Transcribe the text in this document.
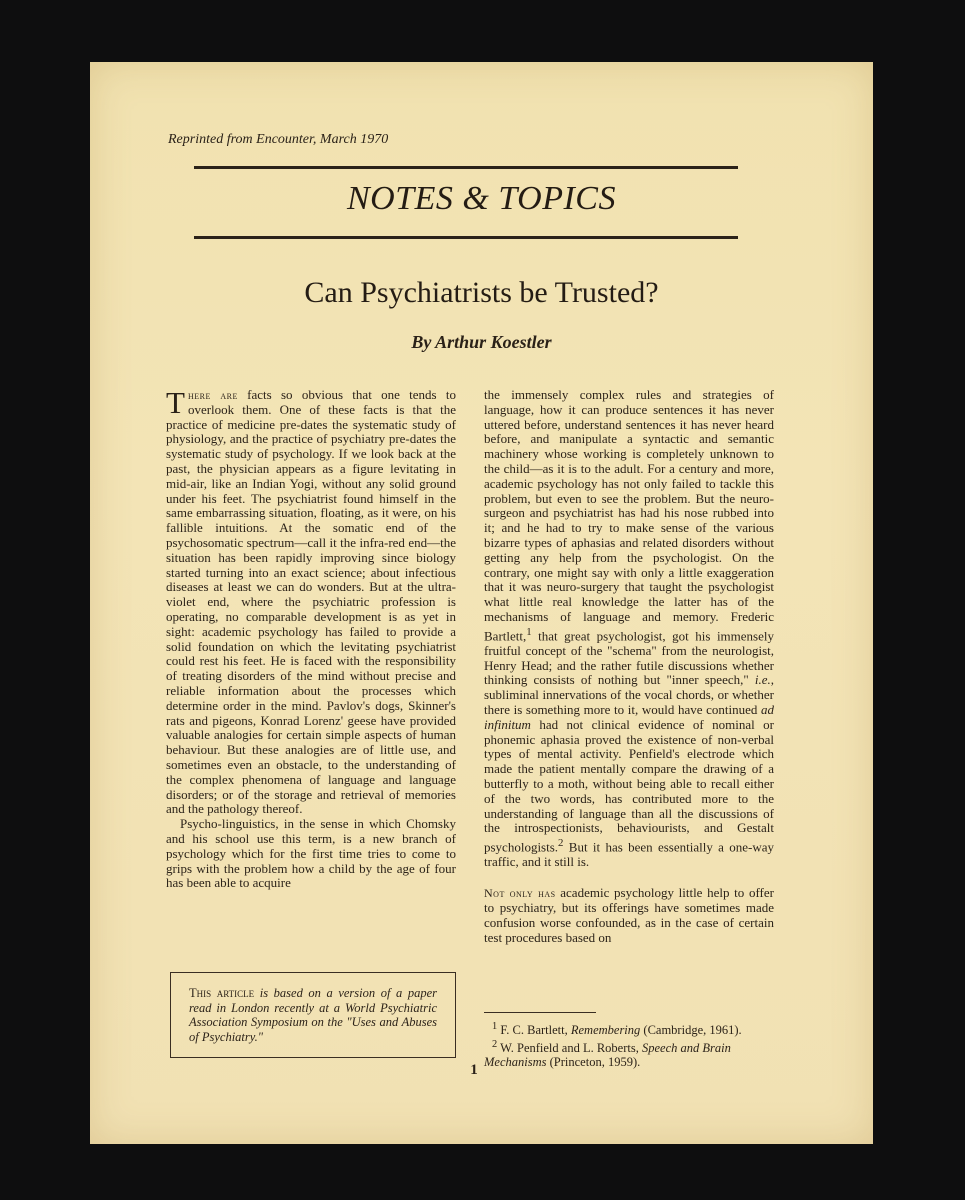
Reprinted from Encounter, March 1970
NOTES & TOPICS
Can Psychiatrists be Trusted?
By Arthur Koestler

There are facts so obvious that one tends to overlook them. One of these facts is that the practice of medicine pre-dates the systematic study of physiology, and the practice of psychiatry pre-dates the systematic study of psychology. If we look back at the past, the physician appears as a figure levitating in mid-air, like an Indian Yogi, without any solid ground under his feet. The psychiatrist found himself in the same embarrassing situation, floating, as it were, on his fallible intuitions. At the somatic end of the psychosomatic spectrum—call it the infra-red end—the situation has been rapidly improving since biology started turning into an exact science; about infectious diseases at least we can do wonders. But at the ultra-violet end, where the psychiatric profession is operating, no comparable development is as yet in sight: academic psychology has failed to provide a solid foundation on which the levitating psychiatrist could rest his feet. He is faced with the responsibility of treating disorders of the mind without precise and reliable information about the processes which determine order in the mind. Pavlov's dogs, Skinner's rats and pigeons, Konrad Lorenz' geese have provided valuable analogies for certain simple aspects of human behaviour. But these analogies are of little use, and sometimes even an obstacle, to the understanding of the complex phenomena of language and language disorders; or of the storage and retrieval of memories and the pathology thereof.

Psycho-linguistics, in the sense in which Chomsky and his school use this term, is a new branch of psychology which for the first time tries to come to grips with the problem how a child by the age of four has been able to acquire

the immensely complex rules and strategies of language, how it can produce sentences it has never uttered before, understand sentences it has never heard before, and manipulate a syntactic and semantic machinery whose working is completely unknown to the child—as it is to the adult. For a century and more, academic psychology has not only failed to tackle this problem, but even to see the problem. But the neuro-surgeon and psychiatrist has had his nose rubbed into it; and he had to try to make sense of the various bizarre types of aphasias and related disorders without getting any help from the psychologist. On the contrary, one might say with only a little exaggeration that it was neuro-surgery that taught the psychologist what little real knowledge the latter has of the mechanisms of language and memory. Frederic Bartlett,$^1$ that great psychologist, got his immensely fruitful concept of the "schema" from the neurologist, Henry Head; and the rather futile discussions whether thinking consists of nothing but "inner speech," i.e., subliminal innervations of the vocal chords, or whether there is something more to it, would have continued ad infinitum had not clinical evidence of nominal or phonemic aphasia proved the existence of non-verbal types of mental activity. Penfield's electrode which made the patient mentally compare the drawing of a butterfly to a moth, without being able to recall either of the two words, has contributed more to the understanding of language than all the discussions of the introspectionists, behaviourists, and Gestalt psychologists.$^2$ But it has been essentially a one-way traffic, and it still is.

Not only has academic psychology little help to offer to psychiatry, but its offerings have sometimes made confusion worse confounded, as in the case of certain test procedures based on

This article is based on a version of a paper read in London recently at a World Psychiatric Association Symposium on the "Uses and Abuses of Psychiatry."
$^1$ F. C. Bartlett, Remembering (Cambridge, 1961).
$^2$ W. Penfield and L. Roberts, Speech and Brain Mechanisms (Princeton, 1959).
1
